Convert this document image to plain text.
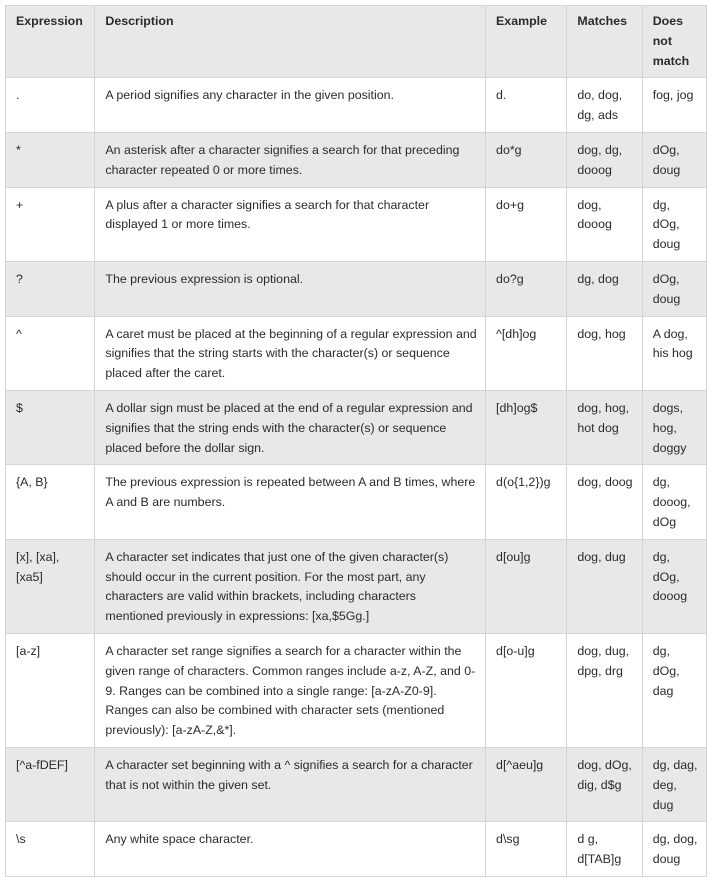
Expression	Description	Example	Matches	Does not match
.	A period signifies any character in the given position.	d.	do, dog, dg, ads	fog, jog
*	An asterisk after a character signifies a search for that preceding character repeated 0 or more times.	do*g	dog, dg, dooog	dOg, doug
+	A plus after a character signifies a search for that character displayed 1 or more times.	do+g	dog, dooog	dg, dOg, doug
?	The previous expression is optional.	do?g	dg, dog	dOg, doug
^	A caret must be placed at the beginning of a regular expression and signifies that the string starts with the character(s) or sequence placed after the caret.	^[dh]og	dog, hog	A dog, his hog
$	A dollar sign must be placed at the end of a regular expression and signifies that the string ends with the character(s) or sequence placed before the dollar sign.	[dh]og$	dog, hog, hot dog	dogs, hog, doggy
{A, B}	The previous expression is repeated between A and B times, where A and B are numbers.	d(o{1,2})g	dog, doog	dg, dooog, dOg
[x], [xa], [xa5]	A character set indicates that just one of the given character(s) should occur in the current position. For the most part, any characters are valid within brackets, including characters mentioned previously in expressions: [xa,$5Gg.]	d[ou]g	dog, dug	dg, dOg, dooog
[a-z]	A character set range signifies a search for a character within the given range of characters. Common ranges include a-z, A-Z, and 0-9. Ranges can be combined into a single range: [a-zA-Z0-9]. Ranges can also be combined with character sets (mentioned previously): [a-zA-Z,&*].	d[o-u]g	dog, dug, dpg, drg	dg, dOg, dag
[^a-fDEF]	A character set beginning with a ^ signifies a search for a character that is not within the given set.	d[^aeu]g	dog, dOg, dig, d$g	dg, dag, deg, dug
\s	Any white space character.	d\sg	d g, d[TAB]g	dg, dog, doug
